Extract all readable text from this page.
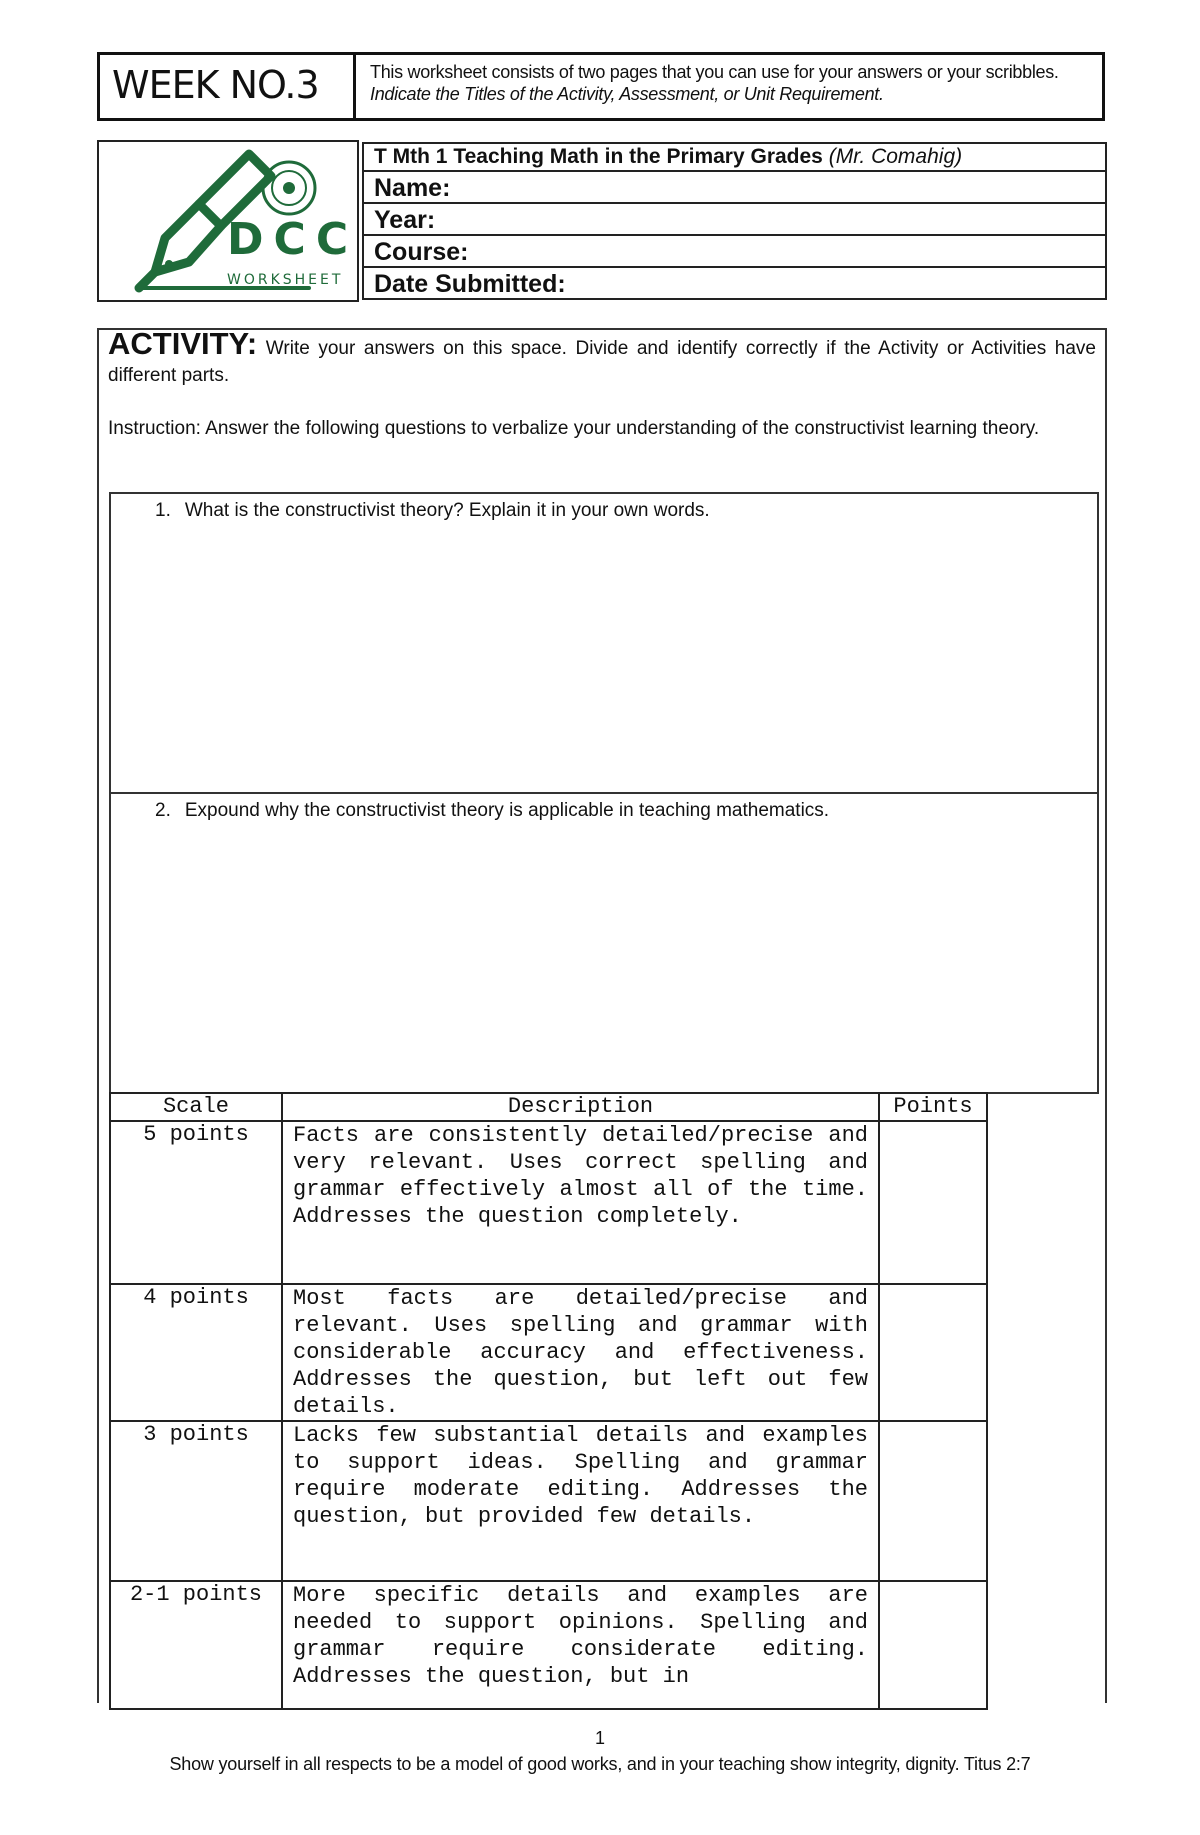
WEEK NO.3	This worksheet consists of two pages that you can use for your answers or your scribbles. Indicate the Titles of the Activity, Assessment, or Unit Requirement.
DCC
WORKSHEET
T Mth 1 Teaching Math in the Primary Grades (Mr. Comahig)
Name:
Year:
Course:
Date Submitted:
ACTIVITY: Write your answers on this space. Divide and identify correctly if the Activity or Activities have different parts.
Instruction: Answer the following questions to verbalize your understanding of the constructivist learning theory.
1. What is the constructivist theory? Explain it in your own words.
2. Expound why the constructivist theory is applicable in teaching mathematics.
Scale	Description	Points
5 points	Facts are consistently detailed/precise and very relevant. Uses correct spelling and grammar effectively almost all of the time. Addresses the question completely.	
4 points	Most facts are detailed/precise and relevant. Uses spelling and grammar with considerable accuracy and effectiveness. Addresses the question, but left out few details.	
3 points	Lacks few substantial details and examples to support ideas. Spelling and grammar require moderate editing. Addresses the question, but provided few details.	
2-1 points	More specific details and examples are needed to support opinions. Spelling and grammar require considerate editing. Addresses the question, but in	
1
Show yourself in all respects to be a model of good works, and in your teaching show integrity, dignity. Titus 2:7
